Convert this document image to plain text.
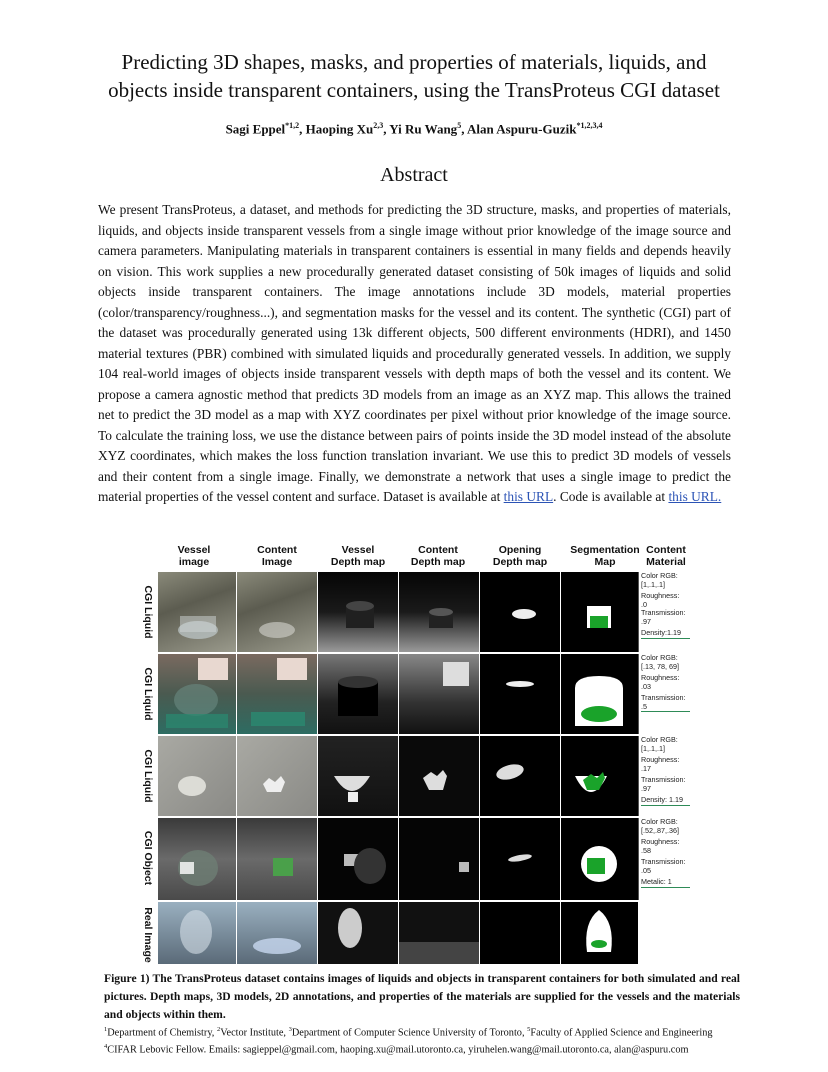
Predicting 3D shapes, masks, and properties of materials, liquids, and
objects inside transparent containers, using the TransProteus CGI dataset
Sagi Eppel$^{*1,2}$, Haoping Xu$^{2,3}$, Yi Ru Wang$^5$, Alan Aspuru-Guzik$^{*1,2,3,4}$
Abstract
We present TransProteus, a dataset, and methods for predicting the 3D structure, masks, and properties of materials, liquids, and objects inside transparent vessels from a single image without prior knowledge of the image source and camera parameters. Manipulating materials in transparent containers is essential in many fields and depends heavily on vision. This work supplies a new procedurally generated dataset consisting of 50k images of liquids and solid objects inside transparent containers. The image annotations include 3D models, material properties (color/transparency/roughness...), and segmentation masks for the vessel and its content. The synthetic (CGI) part of the dataset was procedurally generated using 13k different objects, 500 different environments (HDRI), and 1450 material textures (PBR) combined with simulated liquids and procedurally generated vessels. In addition, we supply 104 real-world images of objects inside transparent vessels with depth maps of both the vessel and its content. We propose a camera agnostic method that predicts 3D models from an image as an XYZ map. This allows the trained net to predict the 3D model as a map with XYZ coordinates per pixel without prior knowledge of the image source. To calculate the training loss, we use the distance between pairs of points inside the 3D model instead of the absolute XYZ coordinates, which makes the loss function translation invariant. We use this to predict 3D models of vessels and their content from a single image. Finally, we demonstrate a network that uses a single image to predict the material properties of the vessel content and surface. Dataset is available at this URL. Code is available at this URL.
Vessel
image
Content
Image
Vessel
Depth map
Content
Depth map
Opening
Depth map
Segmentation
Map
Content
Material
CGI Liquid
CGI Liquid
CGI Liquid
CGI Object
Real Image
Color RGB:
[1,.1,.1]

Roughness:
.0
Transmission:
.97

Density:1.19
Color RGB:
[.13, 78, 69]

Roughness:
.03

Transmission:
.5
Color RGB:
[1,.1,.1]

Roughness:
.17

Transmission:
.97

Density: 1.19
Color RGB:
[.52,.87,.36]

Roughness:
.58

Transmission:
.05

Metalic: 1
Figure 1) The TransProteus dataset contains images of liquids and objects in transparent containers for both simulated and real pictures. Depth maps, 3D models, 2D annotations, and properties of the materials are supplied for the vessels and the materials and objects within them.
$^1$Department of Chemistry, $^2$Vector Institute, $^3$Department of Computer Science University of Toronto, $^5$Faculty of Applied Science and Engineering
$^4$CIFAR Lebovic Fellow. Emails: sagieppel@gmail.com, haoping.xu@mail.utoronto.ca, yiruhelen.wang@mail.utoronto.ca, alan@aspuru.com
